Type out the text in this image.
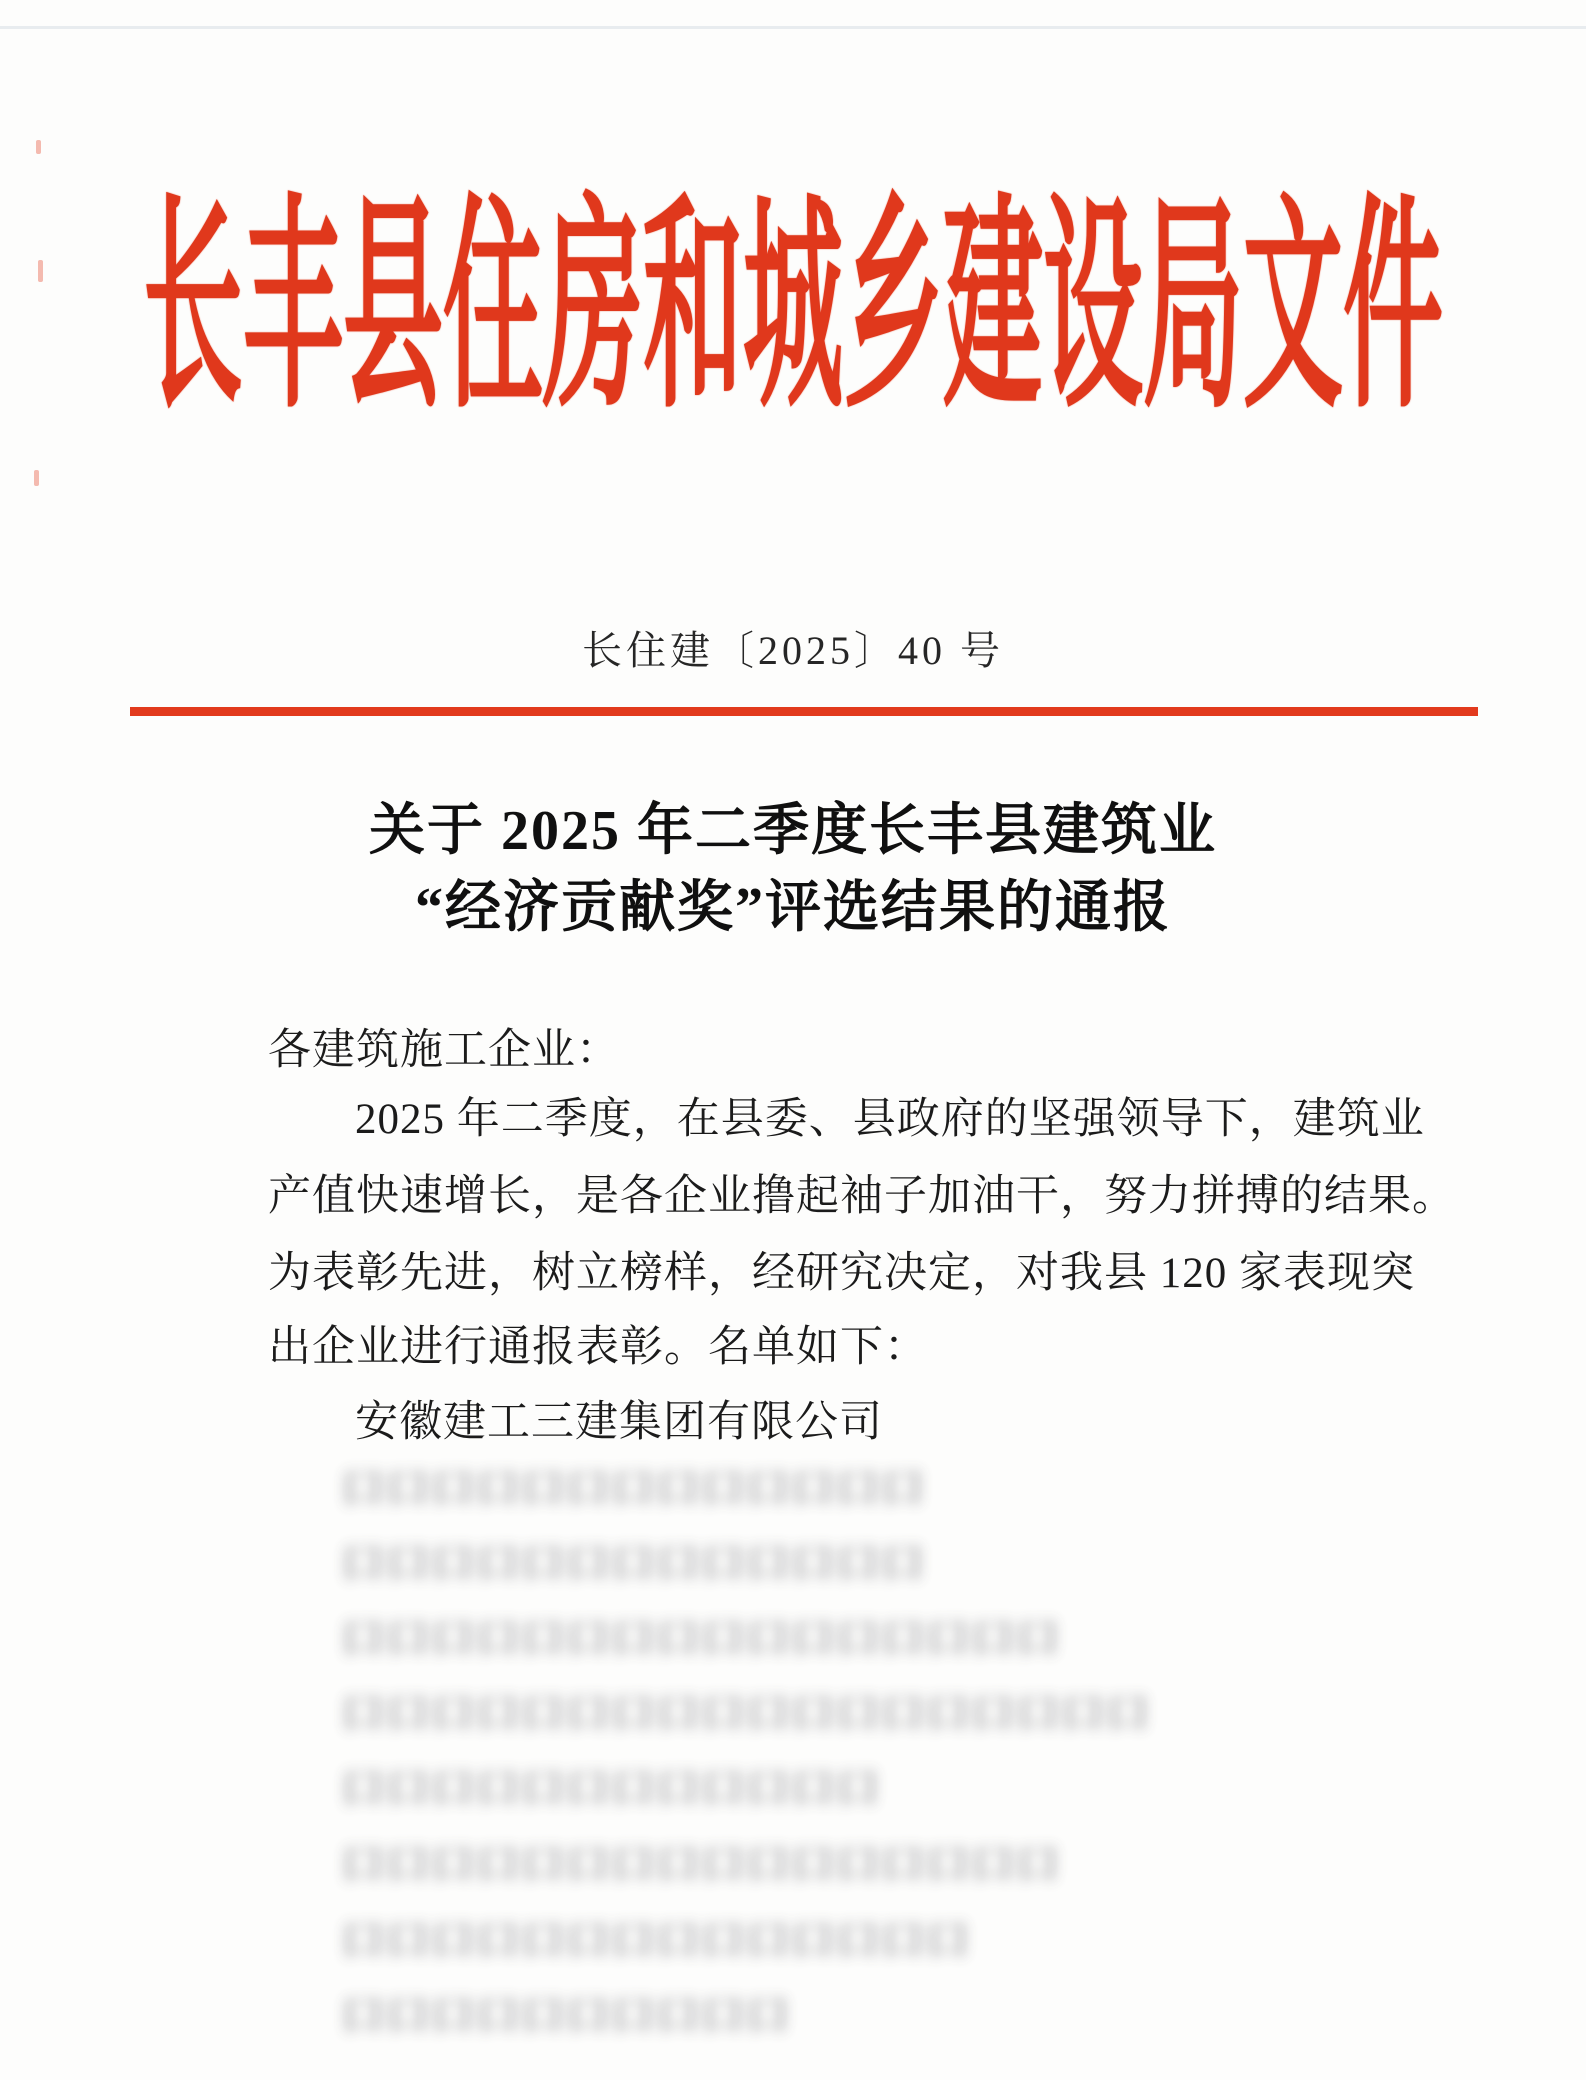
长丰县住房和城乡建设局文件
长住建〔2025〕40 号
关于 2025 年二季度长丰县建筑业
“经济贡献奖”评选结果的通报
各建筑施工企业：
2025 年二季度，在县委、县政府的坚强领导下，建筑业
产值快速增长，是各企业撸起袖子加油干，努力拼搏的结果。
为表彰先进，树立榜样，经研究决定，对我县 120 家表现突
出企业进行通报表彰。名单如下：
安徽建工三建集团有限公司
口口口口口口口口口口口口口
口口口口口口口口口口口口口
口口口口口口口口口口口口口口口口
口口口口口口口口口口口口口口口口口口
口口口口口口口口口口口口
口口口口口口口口口口口口口口口口
口口口口口口口口口口口口口口
口口口口口口口口口口
